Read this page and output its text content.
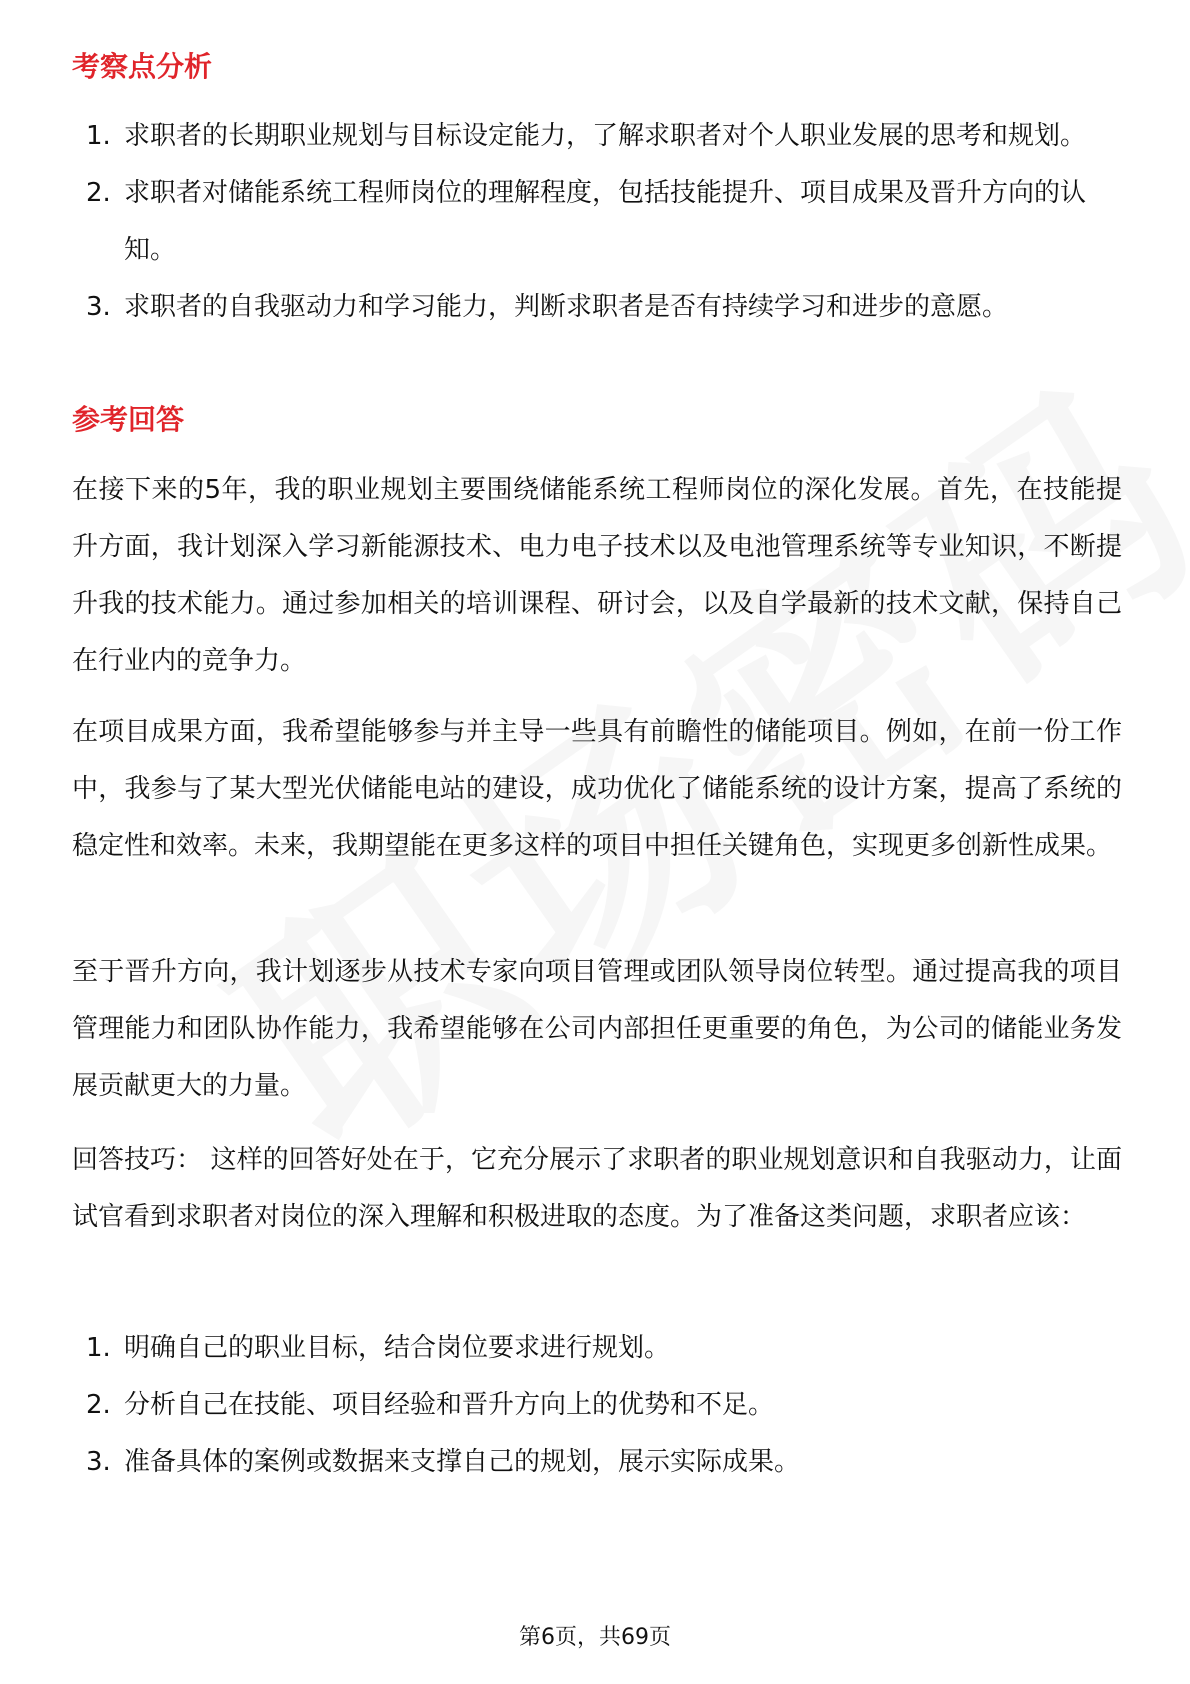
考察点分析
1. 求职者的长期职业规划与目标设定能力，了解求职者对个人职业发展的思考和规划。
2. 求职者对储能系统工程师岗位的理解程度，包括技能提升、项目成果及晋升方向的认知。
3. 求职者的自我驱动力和学习能力，判断求职者是否有持续学习和进步的意愿。
参考回答

在接下来的5年，我的职业规划主要围绕储能系统工程师岗位的深化发展。首先，在技能提升方面，我计划深入学习新能源技术、电力电子技术以及电池管理系统等专业知识，不断提升我的技术能力。通过参加相关的培训课程、研讨会，以及自学最新的技术文献，保持自己在行业内的竞争力。

在项目成果方面，我希望能够参与并主导一些具有前瞻性的储能项目。例如，在前一份工作中，我参与了某大型光伏储能电站的建设，成功优化了储能系统的设计方案，提高了系统的稳定性和效率。未来，我期望能在更多这样的项目中担任关键角色，实现更多创新性成果。

至于晋升方向，我计划逐步从技术专家向项目管理或团队领导岗位转型。通过提高我的项目管理能力和团队协作能力，我希望能够在公司内部担任更重要的角色，为公司的储能业务发展贡献更大的力量。

回答技巧： 这样的回答好处在于，它充分展示了求职者的职业规划意识和自我驱动力，让面试官看到求职者对岗位的深入理解和积极进取的态度。为了准备这类问题，求职者应该：

1. 明确自己的职业目标，结合岗位要求进行规划。
2. 分析自己在技能、项目经验和晋升方向上的优势和不足。
3. 准备具体的案例或数据来支撑自己的规划，展示实际成果。
第6页，共69页
